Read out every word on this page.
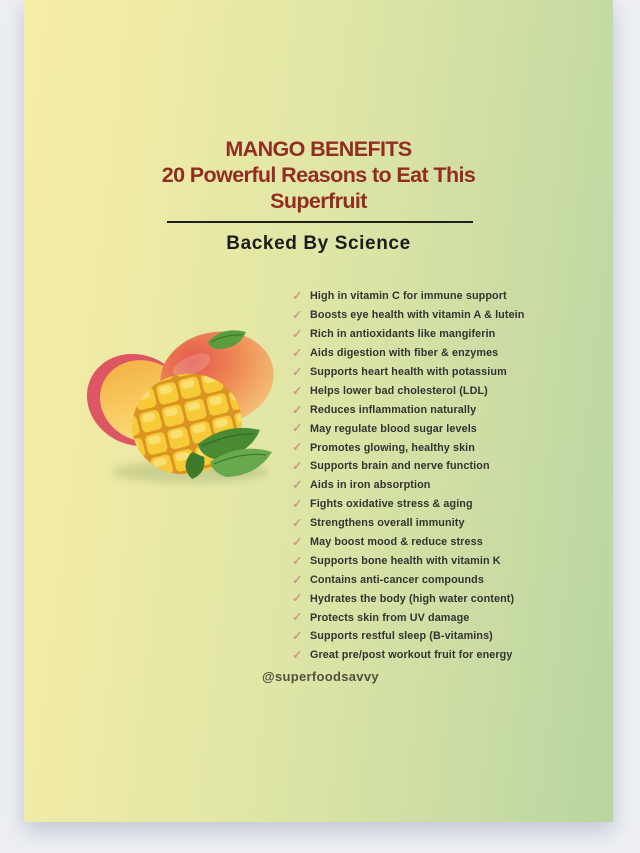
MANGO BENEFITS
20 Powerful Reasons to Eat This
Superfruit
Backed By Science
✓ High in vitamin C for immune support
✓ Boosts eye health with vitamin A & lutein
✓ Rich in antioxidants like mangiferin
✓ Aids digestion with fiber & enzymes
✓ Supports heart health with potassium
✓ Helps lower bad cholesterol (LDL)
✓ Reduces inflammation naturally
✓ May regulate blood sugar levels
✓ Promotes glowing, healthy skin
✓ Supports brain and nerve function
✓ Aids in iron absorption
✓ Fights oxidative stress & aging
✓ Strengthens overall immunity
✓ May boost mood & reduce stress
✓ Supports bone health with vitamin K
✓ Contains anti-cancer compounds
✓ Hydrates the body (high water content)
✓ Protects skin from UV damage
✓ Supports restful sleep (B-vitamins)
✓ Great pre/post workout fruit for energy
@superfoodsavvy
